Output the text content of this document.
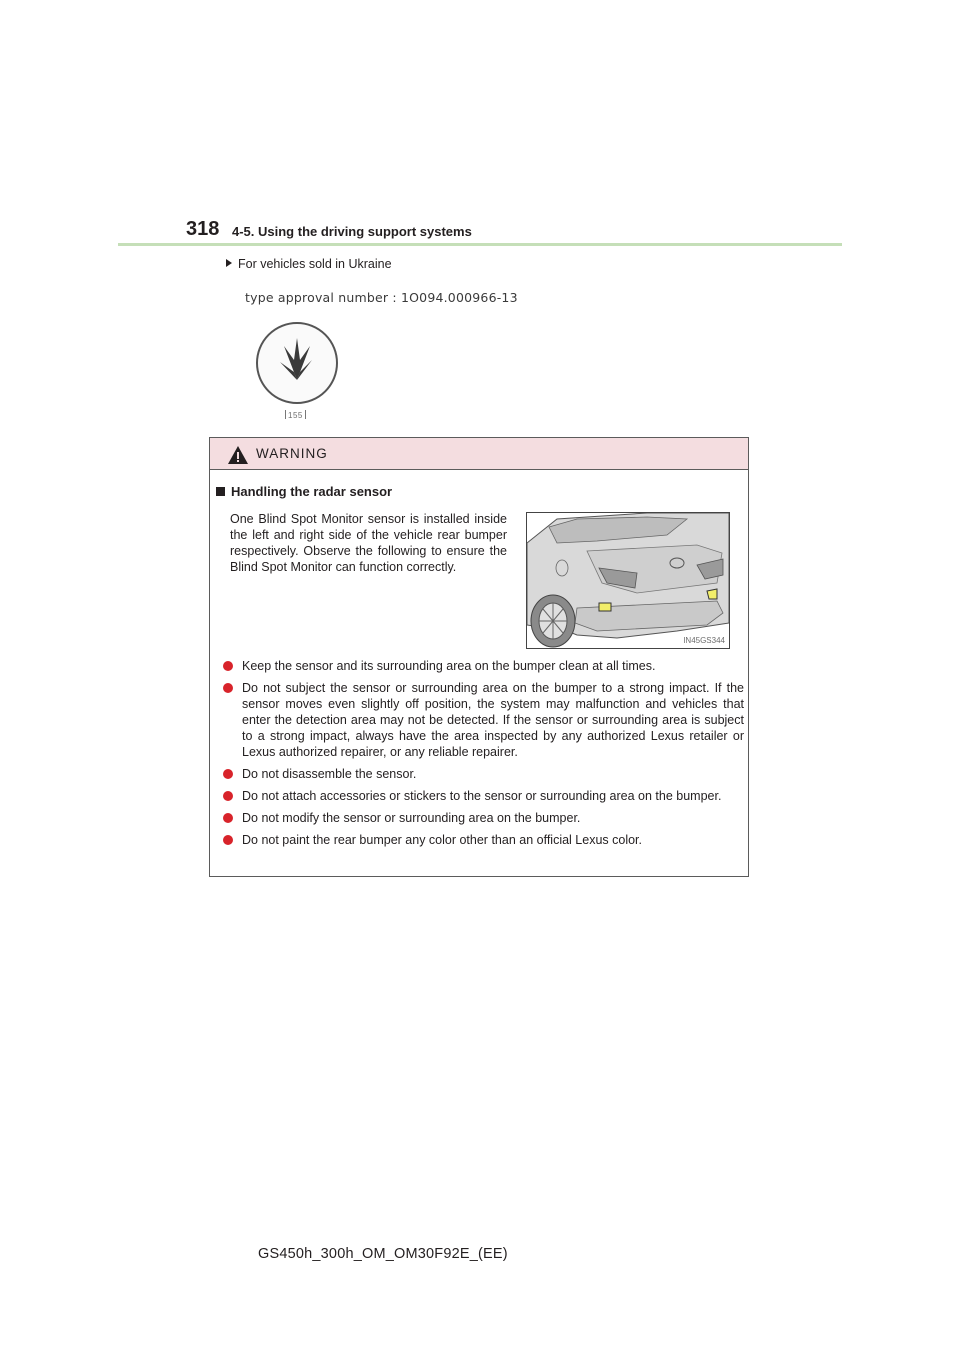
318 4-5. Using the driving support systems
For vehicles sold in Ukraine
type approval number : 1O094.000966-13
155
WARNING
Handling the radar sensor
One Blind Spot Monitor sensor is installed inside the left and right side of the vehicle rear bumper respectively. Observe the following to ensure the Blind Spot Monitor can function correctly.
IN45GS344
Keep the sensor and its surrounding area on the bumper clean at all times.
Do not subject the sensor or surrounding area on the bumper to a strong impact. If the sensor moves even slightly off position, the system may malfunction and vehicles that enter the detection area may not be detected. If the sensor or surrounding area is subject to a strong impact, always have the area inspected by any authorized Lexus retailer or Lexus authorized repairer, or any reliable repairer.
Do not disassemble the sensor.
Do not attach accessories or stickers to the sensor or surrounding area on the bumper.
Do not modify the sensor or surrounding area on the bumper.
Do not paint the rear bumper any color other than an official Lexus color.
GS450h_300h_OM_OM30F92E_(EE)
